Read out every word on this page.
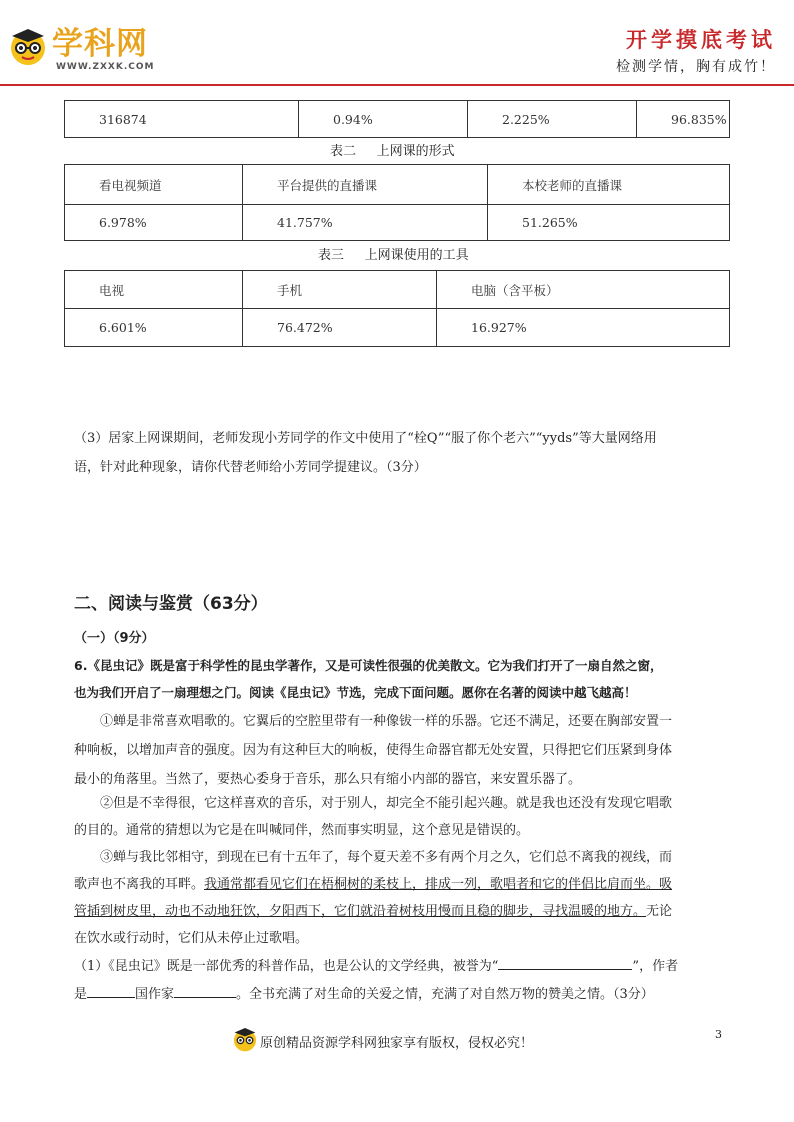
学科网
WWW.ZXXK.COM
开学摸底考试
检测学情，胸有成竹！
316874	0.94%	2.225%	96.835%
表二     上网课的形式
看电视频道	平台提供的直播课	本校老师的直播课
6.978%	41.757%	51.265%
表三     上网课使用的工具
电视	手机	电脑（含平板）
6.601%	76.472%	16.927%
（3）居家上网课期间，老师发现小芳同学的作文中使用了“栓Q”“服了你个老六”“yyds”等大量网络用
语，针对此种现象，请你代替老师给小芳同学提建议。（3分）
二、阅读与鉴赏（63分）
（一）（9分）
6.《昆虫记》既是富于科学性的昆虫学著作，又是可读性很强的优美散文。它为我们打开了一扇自然之窗，
也为我们开启了一扇理想之门。阅读《昆虫记》节选，完成下面问题。愿你在名著的阅读中越飞越高！
①蝉是非常喜欢唱歌的。它翼后的空腔里带有一种像钹一样的乐器。它还不满足，还要在胸部安置一
种响板，以增加声音的强度。因为有这种巨大的响板，使得生命器官都无处安置，只得把它们压紧到身体
最小的角落里。当然了，要热心委身于音乐，那么只有缩小内部的器官，来安置乐器了。
②但是不幸得很，它这样喜欢的音乐，对于别人，却完全不能引起兴趣。就是我也还没有发现它唱歌
的目的。通常的猜想以为它是在叫喊同伴，然而事实明显，这个意见是错误的。
③蝉与我比邻相守，到现在已有十五年了，每个夏天差不多有两个月之久，它们总不离我的视线，而
歌声也不离我的耳畔。我通常都看见它们在梧桐树的柔枝上，排成一列，歌唱者和它的伴侣比肩而坐。吸
管插到树皮里，动也不动地狂饮，夕阳西下，它们就沿着树枝用慢而且稳的脚步，寻找温暖的地方。无论
在饮水或行动时，它们从未停止过歌唱。
（1）《昆虫记》既是一部优秀的科普作品，也是公认的文学经典，被誉为“	”，作者
是	国作家	。全书充满了对生命的关爱之情，充满了对自然万物的赞美之情。（3分）
原创精品资源学科网独家享有版权，侵权必究！
3
